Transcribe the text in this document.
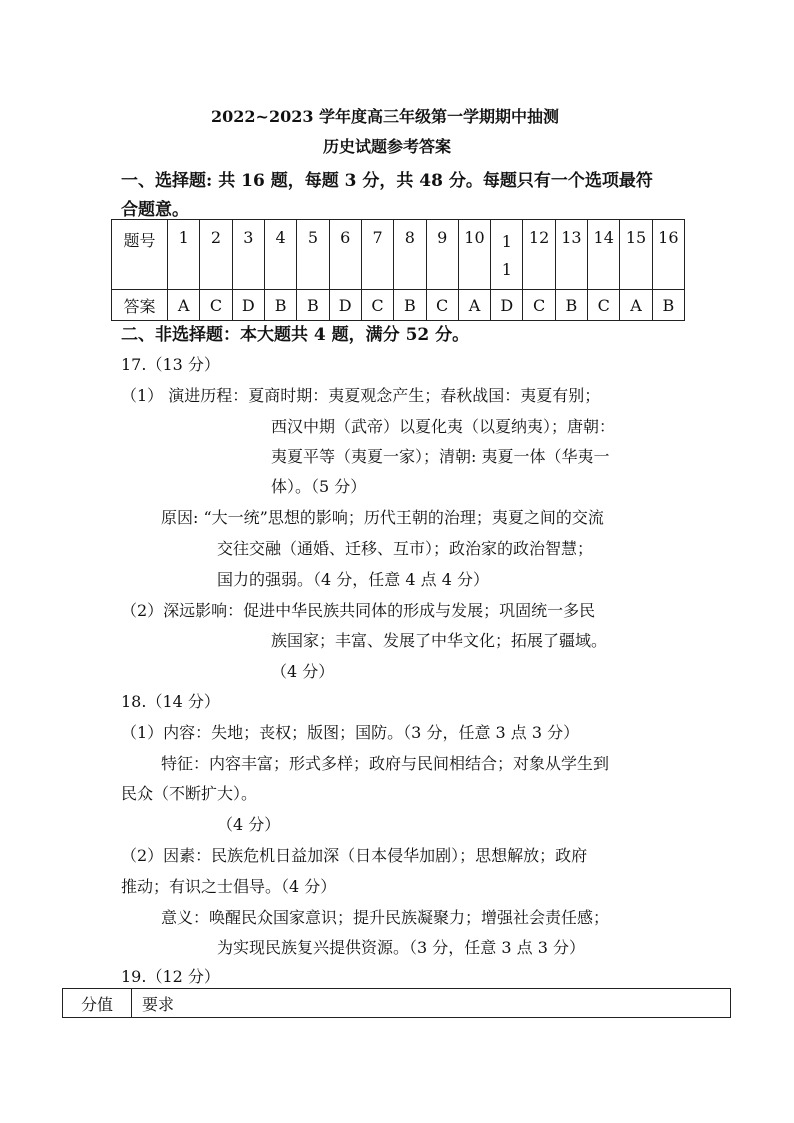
2022~2023 学年度高三年级第一学期期中抽测
历史试题参考答案
一、选择题: 共 16 题，每题 3 分，共 48 分。每题只有一个选项最符
合题意。
题号	1	2	3	4	5	6	7	8	9	10	11	12	13	14	15	16
答案	A	C	D	B	B	D	C	B	C	A	D	C	B	C	A	B
二、非选择题：本大题共 4 题，满分 52 分。
17.（13 分）
（1） 演进历程：夏商时期：夷夏观念产生；春秋战国：夷夏有别；
西汉中期（武帝）以夏化夷（以夏纳夷）；唐朝：
夷夏平等（夷夏一家）；清朝: 夷夏一体（华夷一
体）。（5 分）
原因: “大一统”思想的影响；历代王朝的治理；夷夏之间的交流
交往交融（通婚、迁移、互市）；政治家的政治智慧；
国力的强弱。（4 分，任意 4 点 4 分）
（2）深远影响：促进中华民族共同体的形成与发展；巩固统一多民
族国家；丰富、发展了中华文化；拓展了疆域。
（4 分）
18.（14 分）
（1）内容：失地；丧权；版图；国防。（3 分，任意 3 点 3 分）
特征：内容丰富；形式多样；政府与民间相结合；对象从学生到
民众（不断扩大）。
（4 分）
（2）因素：民族危机日益加深（日本侵华加剧）；思想解放；政府
推动；有识之士倡导。（4 分）
意义：唤醒民众国家意识；提升民族凝聚力；增强社会责任感；
为实现民族复兴提供资源。（3 分，任意 3 点 3 分）
19.（12 分）
分值	要求
